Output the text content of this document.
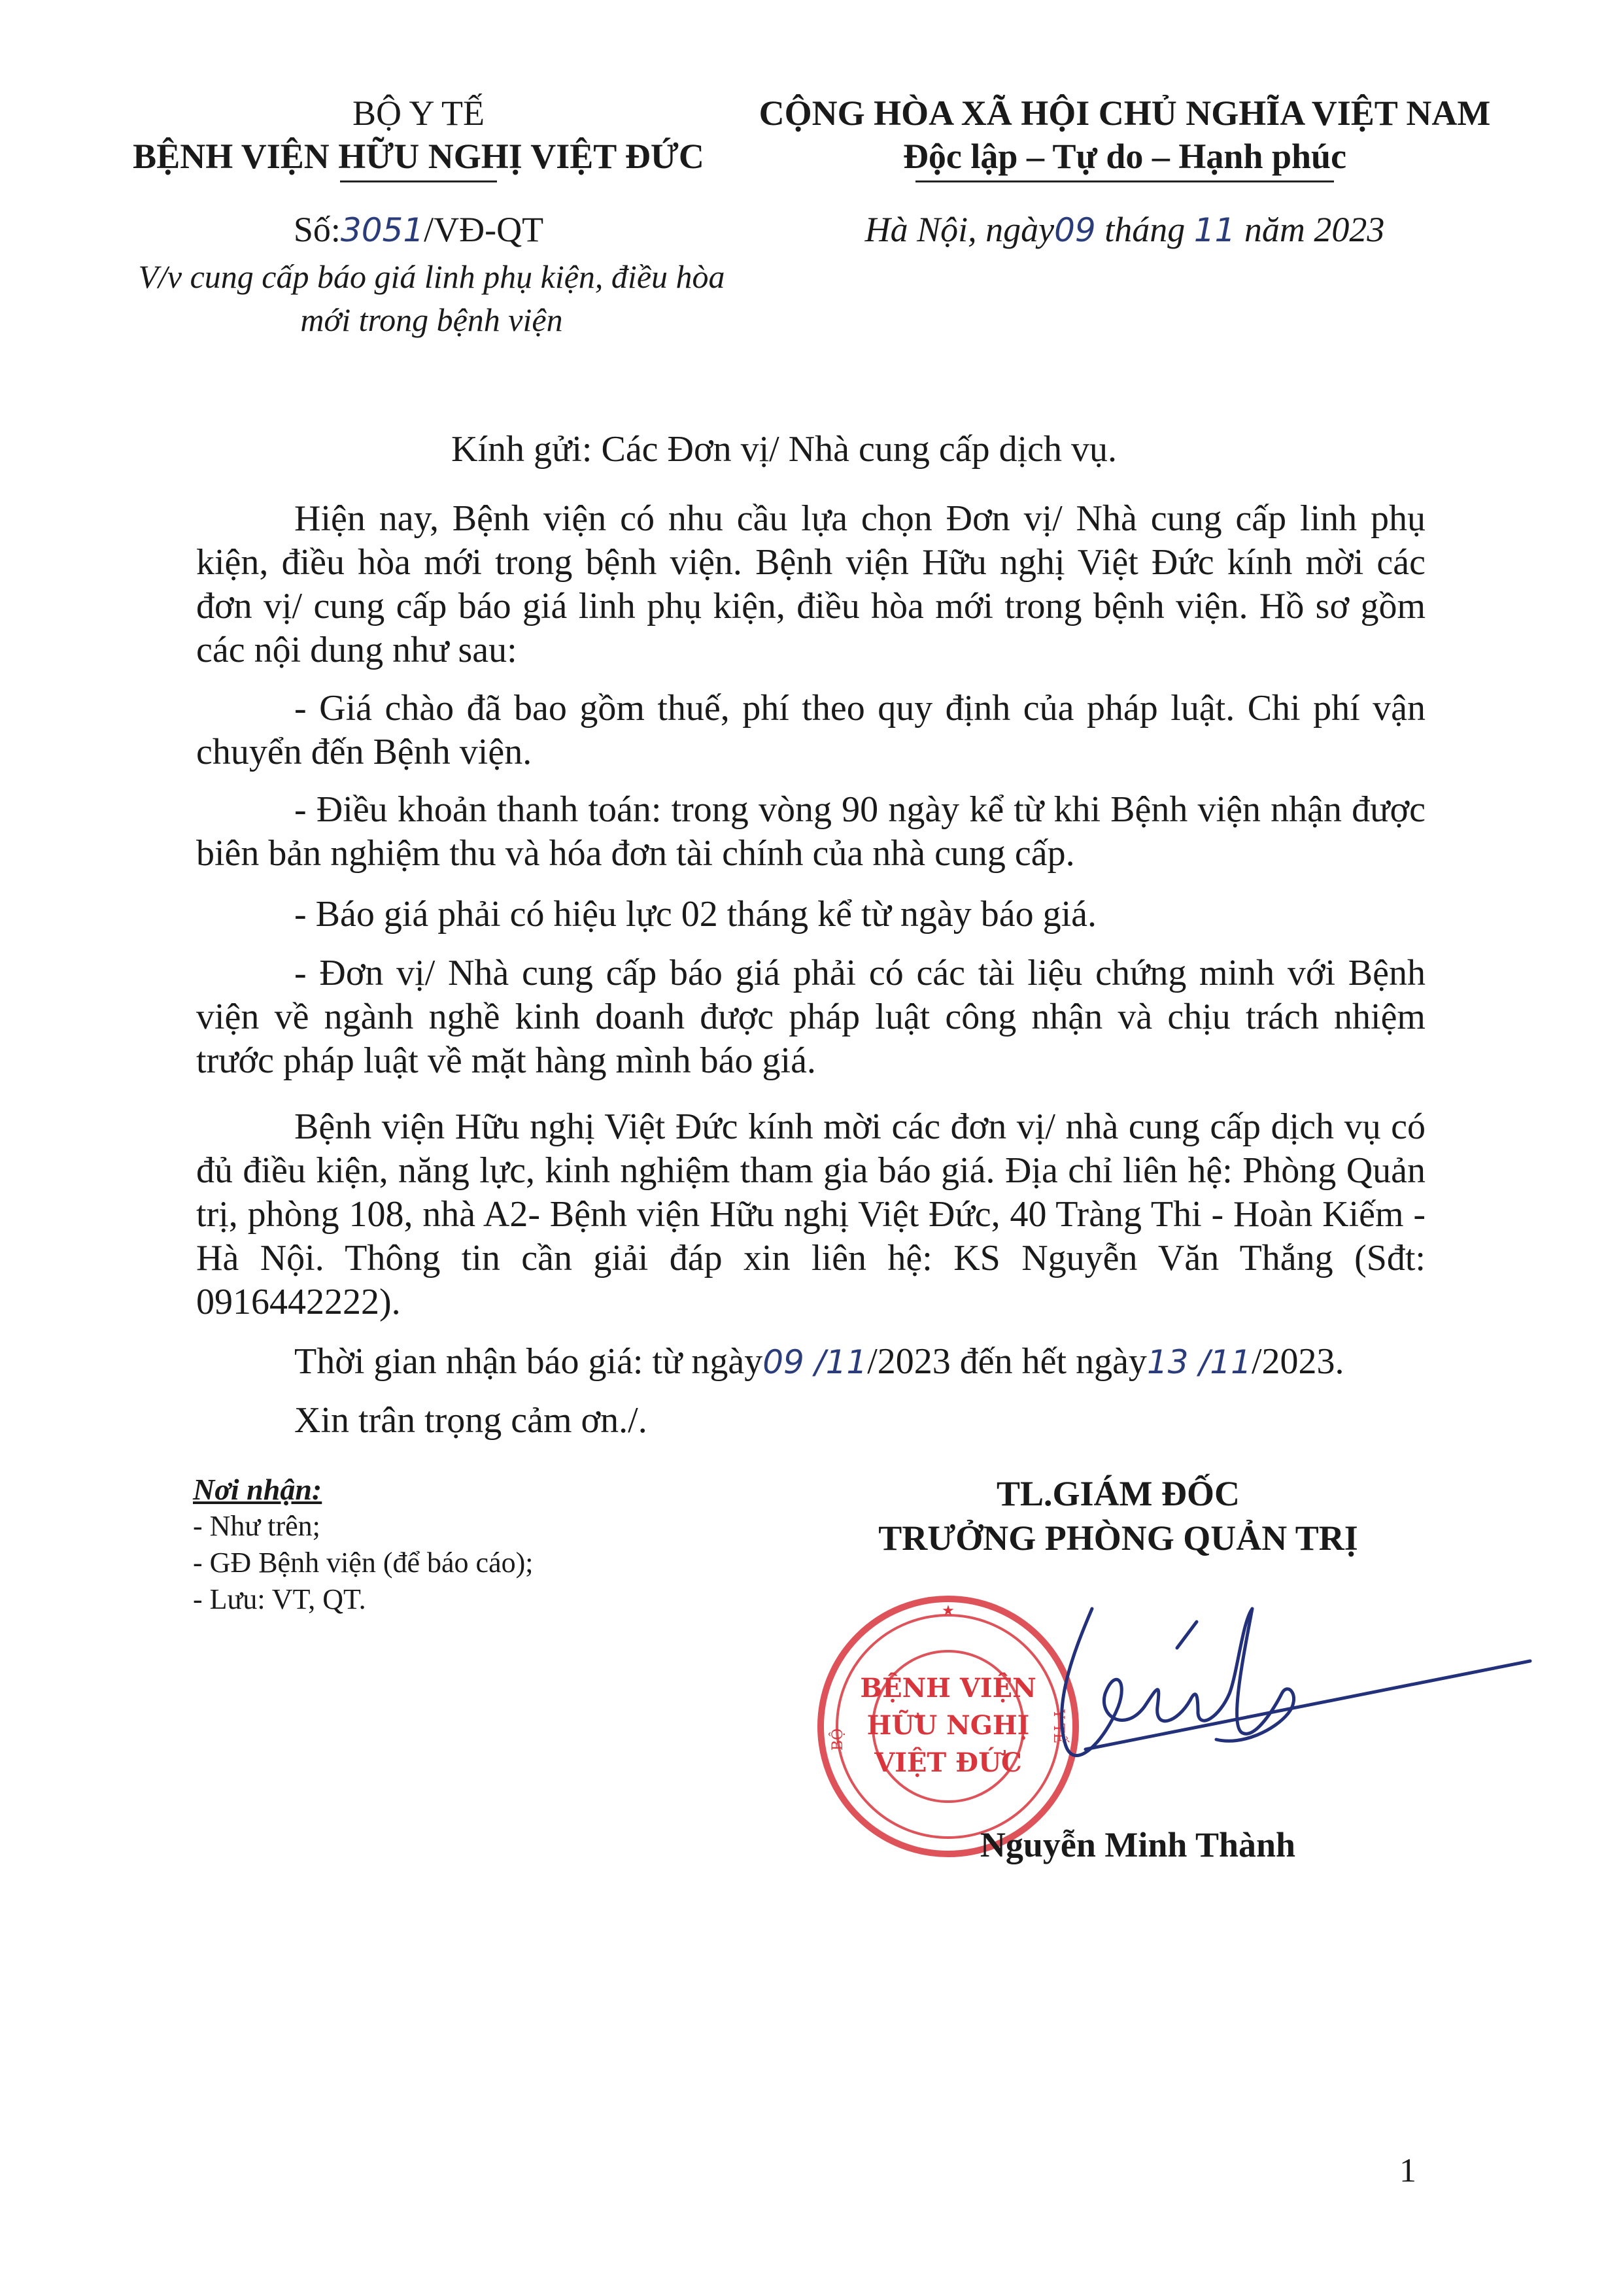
BỘ Y TẾ
BỆNH VIỆN HỮU NGHỊ VIỆT ĐỨC
CỘNG HÒA XÃ HỘI CHỦ NGHĨA VIỆT NAM
Độc lập – Tự do – Hạnh phúc
Số:3051/VĐ-QT	Hà Nội, ngày09 tháng 11 năm 2023
V/v cung cấp báo giá linh phụ kiện, điều hòa mới trong bệnh viện
Kính gửi: Các Đơn vị/ Nhà cung cấp dịch vụ.
Hiện nay, Bệnh viện có nhu cầu lựa chọn Đơn vị/ Nhà cung cấp linh phụ kiện, điều hòa mới trong bệnh viện. Bệnh viện Hữu nghị Việt Đức kính mời các đơn vị/ cung cấp báo giá linh phụ kiện, điều hòa mới trong bệnh viện. Hồ sơ gồm các nội dung như sau:
- Giá chào đã bao gồm thuế, phí theo quy định của pháp luật. Chi phí vận chuyển đến Bệnh viện.
- Điều khoản thanh toán: trong vòng 90 ngày kể từ khi Bệnh viện nhận được biên bản nghiệm thu và hóa đơn tài chính của nhà cung cấp.
- Báo giá phải có hiệu lực 02 tháng kể từ ngày báo giá.
- Đơn vị/ Nhà cung cấp báo giá phải có các tài liệu chứng minh với Bệnh viện về ngành nghề kinh doanh được pháp luật công nhận và chịu trách nhiệm trước pháp luật về mặt hàng mình báo giá.
Bệnh viện Hữu nghị Việt Đức kính mời các đơn vị/ nhà cung cấp dịch vụ có đủ điều kiện, năng lực, kinh nghiệm tham gia báo giá. Địa chỉ liên hệ: Phòng Quản trị, phòng 108, nhà A2- Bệnh viện Hữu nghị Việt Đức, 40 Tràng Thi - Hoàn Kiếm - Hà Nội. Thông tin cần giải đáp xin liên hệ: KS Nguyễn Văn Thắng (Sđt: 0916442222).
Thời gian nhận báo giá: từ ngày09 /11/2023 đến hết ngày13 /11/2023.
Xin trân trọng cảm ơn./.
Nơi nhận:
- Như trên;
- GĐ Bệnh viện (để báo cáo);
- Lưu: VT, QT.
TL.GIÁM ĐỐC
TRƯỞNG PHÒNG QUẢN TRỊ
★
BỆNH VIỆN
HỮU NGHỊ
VIỆT ĐỨC
BỘ	Y TẾ
Nguyễn Minh Thành
1
